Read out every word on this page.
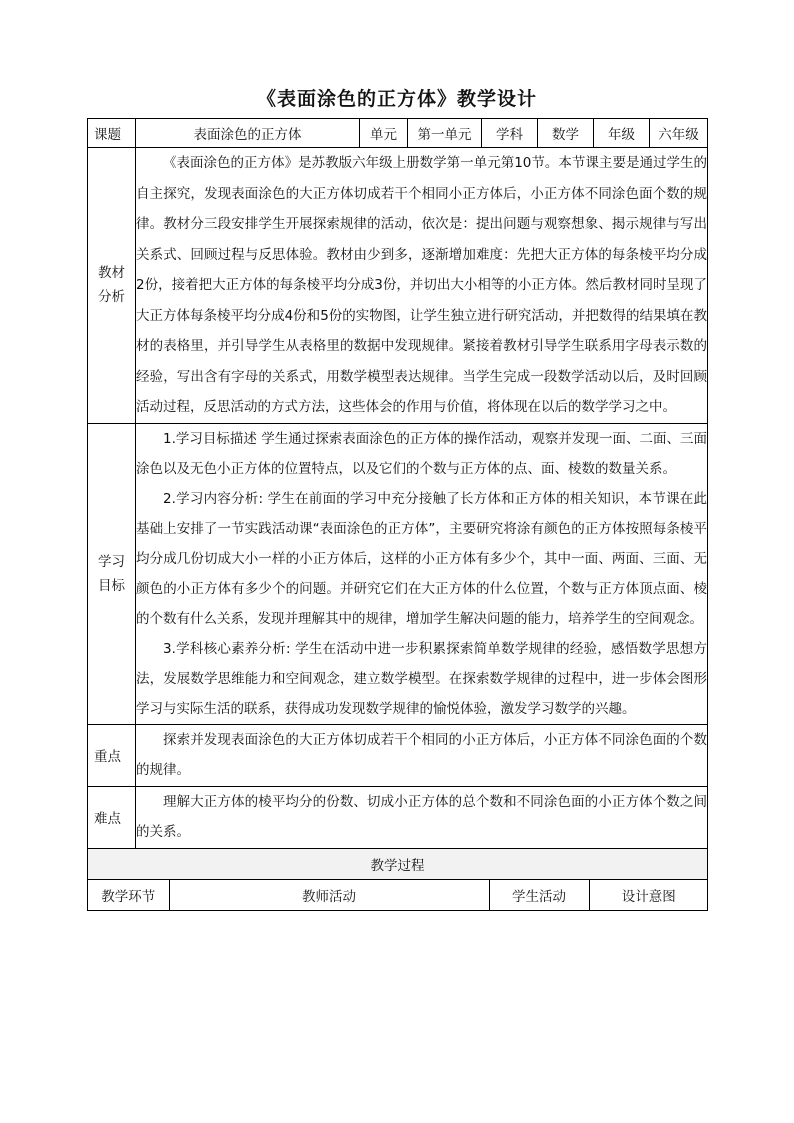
《表面涂色的正方体》教学设计
课题	表面涂色的正方体	单元	第一单元	学科	数学	年级	六年级
教材
分析	

《表面涂色的正方体》是苏教版六年级上册数学第一单元第10节。本节课主要是通过学生的自主探究，发现表面涂色的大正方体切成若干个相同小正方体后，小正方体不同涂色面个数的规律。教材分三段安排学生开展探索规律的活动，依次是：提出问题与观察想象、揭示规律与写出关系式、回顾过程与反思体验。教材由少到多，逐渐增加难度：先把大正方体的每条棱平均分成2份，接着把大正方体的每条棱平均分成3份，并切出大小相等的小正方体。然后教材同时呈现了大正方体每条棱平均分成4份和5份的实物图，让学生独立进行研究活动，并把数得的结果填在教材的表格里，并引导学生从表格里的数据中发现规律。紧接着教材引导学生联系用字母表示数的经验，写出含有字母的关系式，用数学模型表达规律。当学生完成一段数学活动以后，及时回顾活动过程，反思活动的方式方法，这些体会的作用与价值，将体现在以后的数学学习之中。

学习
目标	

1.学习目标描述 学生通过探索表面涂色的正方体的操作活动，观察并发现一面、二面、三面涂色以及无色小正方体的位置特点，以及它们的个数与正方体的点、面、棱数的数量关系。

2.学习内容分析: 学生在前面的学习中充分接触了长方体和正方体的相关知识，本节课在此基础上安排了一节实践活动课“表面涂色的正方体”，主要研究将涂有颜色的正方体按照每条棱平均分成几份切成大小一样的小正方体后，这样的小正方体有多少个，其中一面、两面、三面、无颜色的小正方体有多少个的问题。并研究它们在大正方体的什么位置，个数与正方体顶点面、棱的个数有什么关系，发现并理解其中的规律，增加学生解决问题的能力，培养学生的空间观念。

3.学科核心素养分析: 学生在活动中进一步积累探索简单数学规律的经验，感悟数学思想方法，发展数学思维能力和空间观念，建立数学模型。在探索数学规律的过程中，进一步体会图形学习与实际生活的联系，获得成功发现数学规律的愉悦体验，激发学习数学的兴趣。

重点	

探索并发现表面涂色的大正方体切成若干个相同的小正方体后，小正方体不同涂色面的个数的规律。

难点	

理解大正方体的棱平均分的份数、切成小正方体的总个数和不同涂色面的小正方体个数之间的关系。

教学过程

教学环节	教师活动	学生活动	设计意图
